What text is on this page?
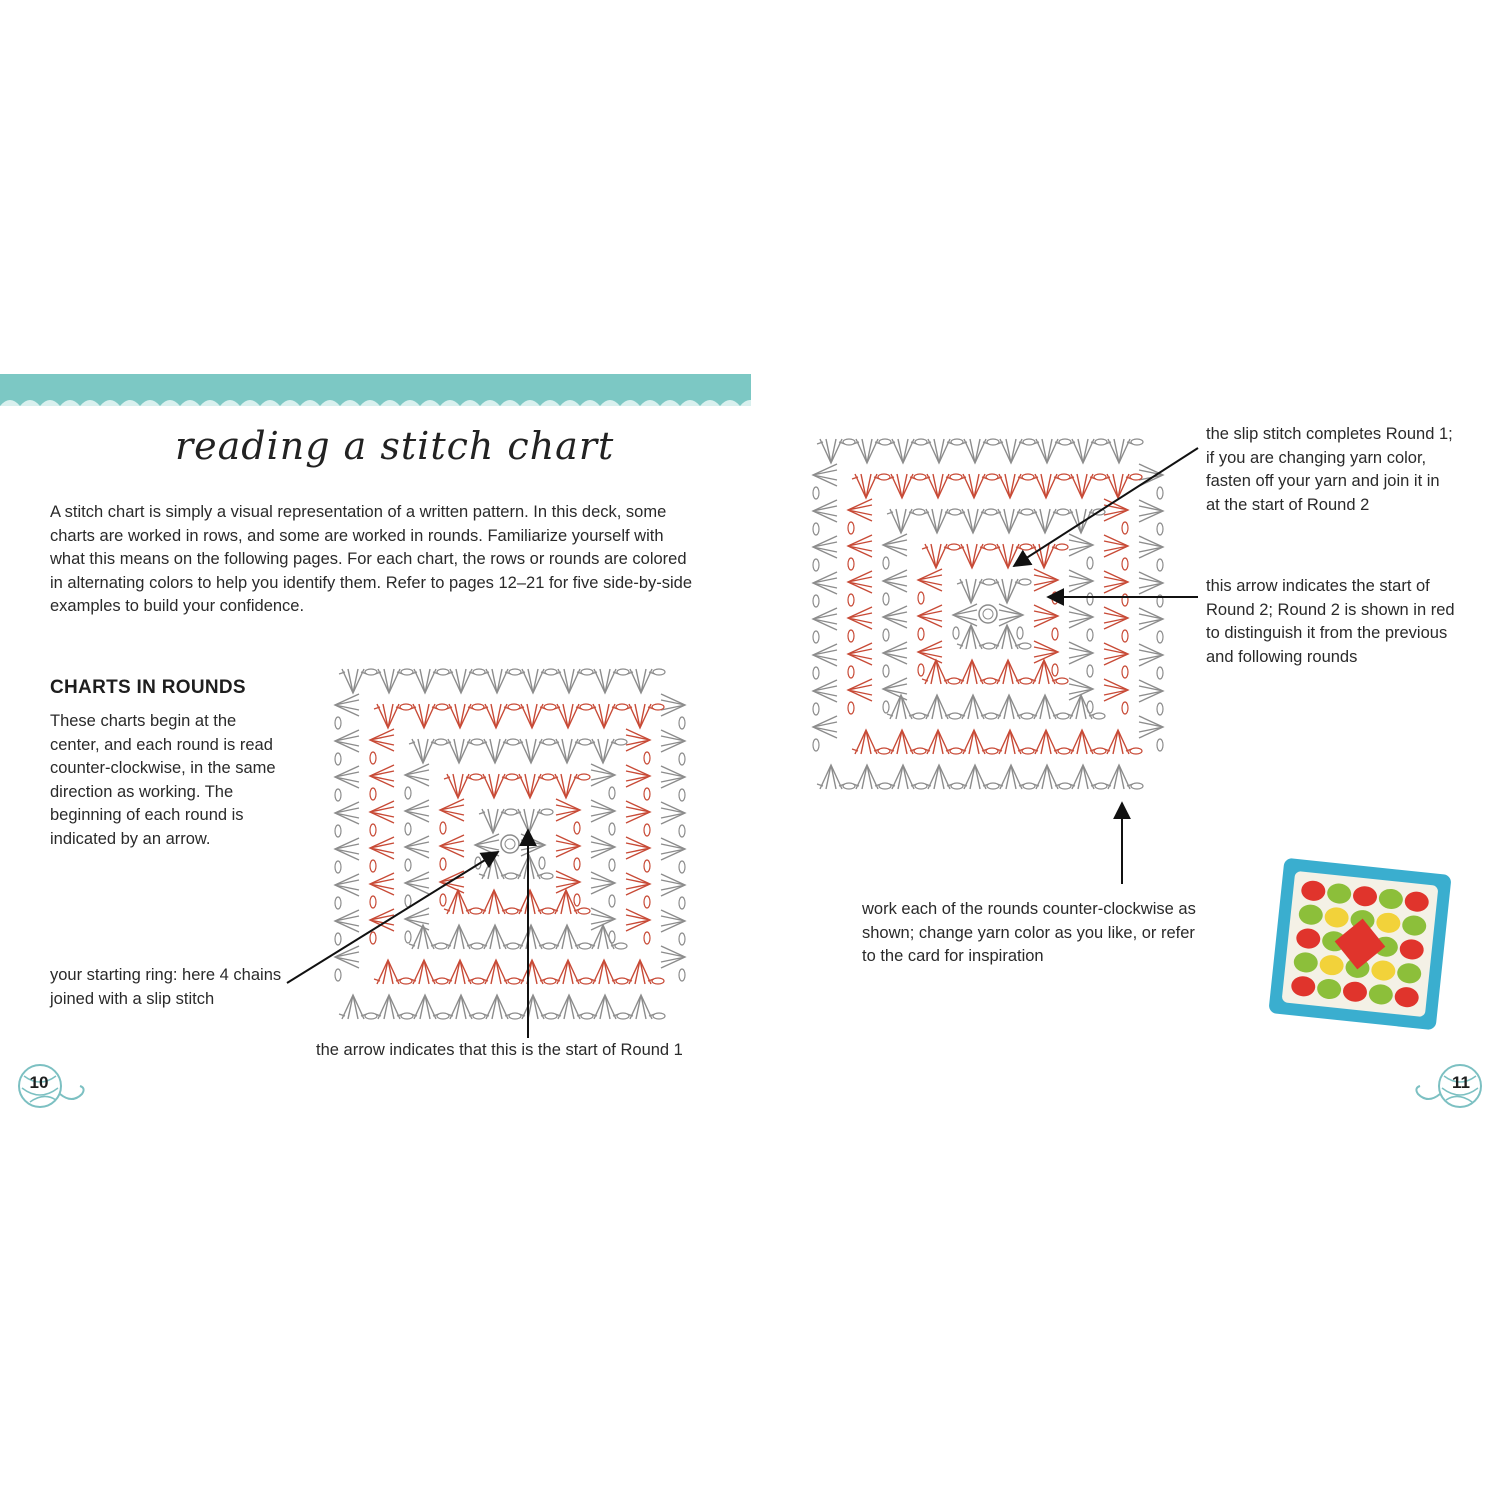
reading a stitch chart

A stitch chart is simply a visual representation of a written pattern. In this deck, some charts are worked in rows, and some are worked in rounds. Familiarize yourself with what this means on the following pages. For each chart, the rows or rounds are colored in alternating colors to help you identify them. Refer to pages 12–21 for five side-by-side examples to build your confidence.

CHARTS IN ROUNDS

These charts begin at the center, and each round is read counter-clockwise, in the same direction as working. The beginning of each round is indicated by an arrow.

your starting ring: here 4 chains joined with a slip stitch

the arrow indicates that this is the start of Round 1

the slip stitch completes Round 1; if you are changing yarn color, fasten off your yarn and join it in at the start of Round 2

this arrow indicates the start of Round 2; Round 2 is shown in red to distinguish it from the previous and following rounds

work each of the rounds counter-clockwise as shown; change yarn color as you like, or refer to the card for inspiration

10	11
